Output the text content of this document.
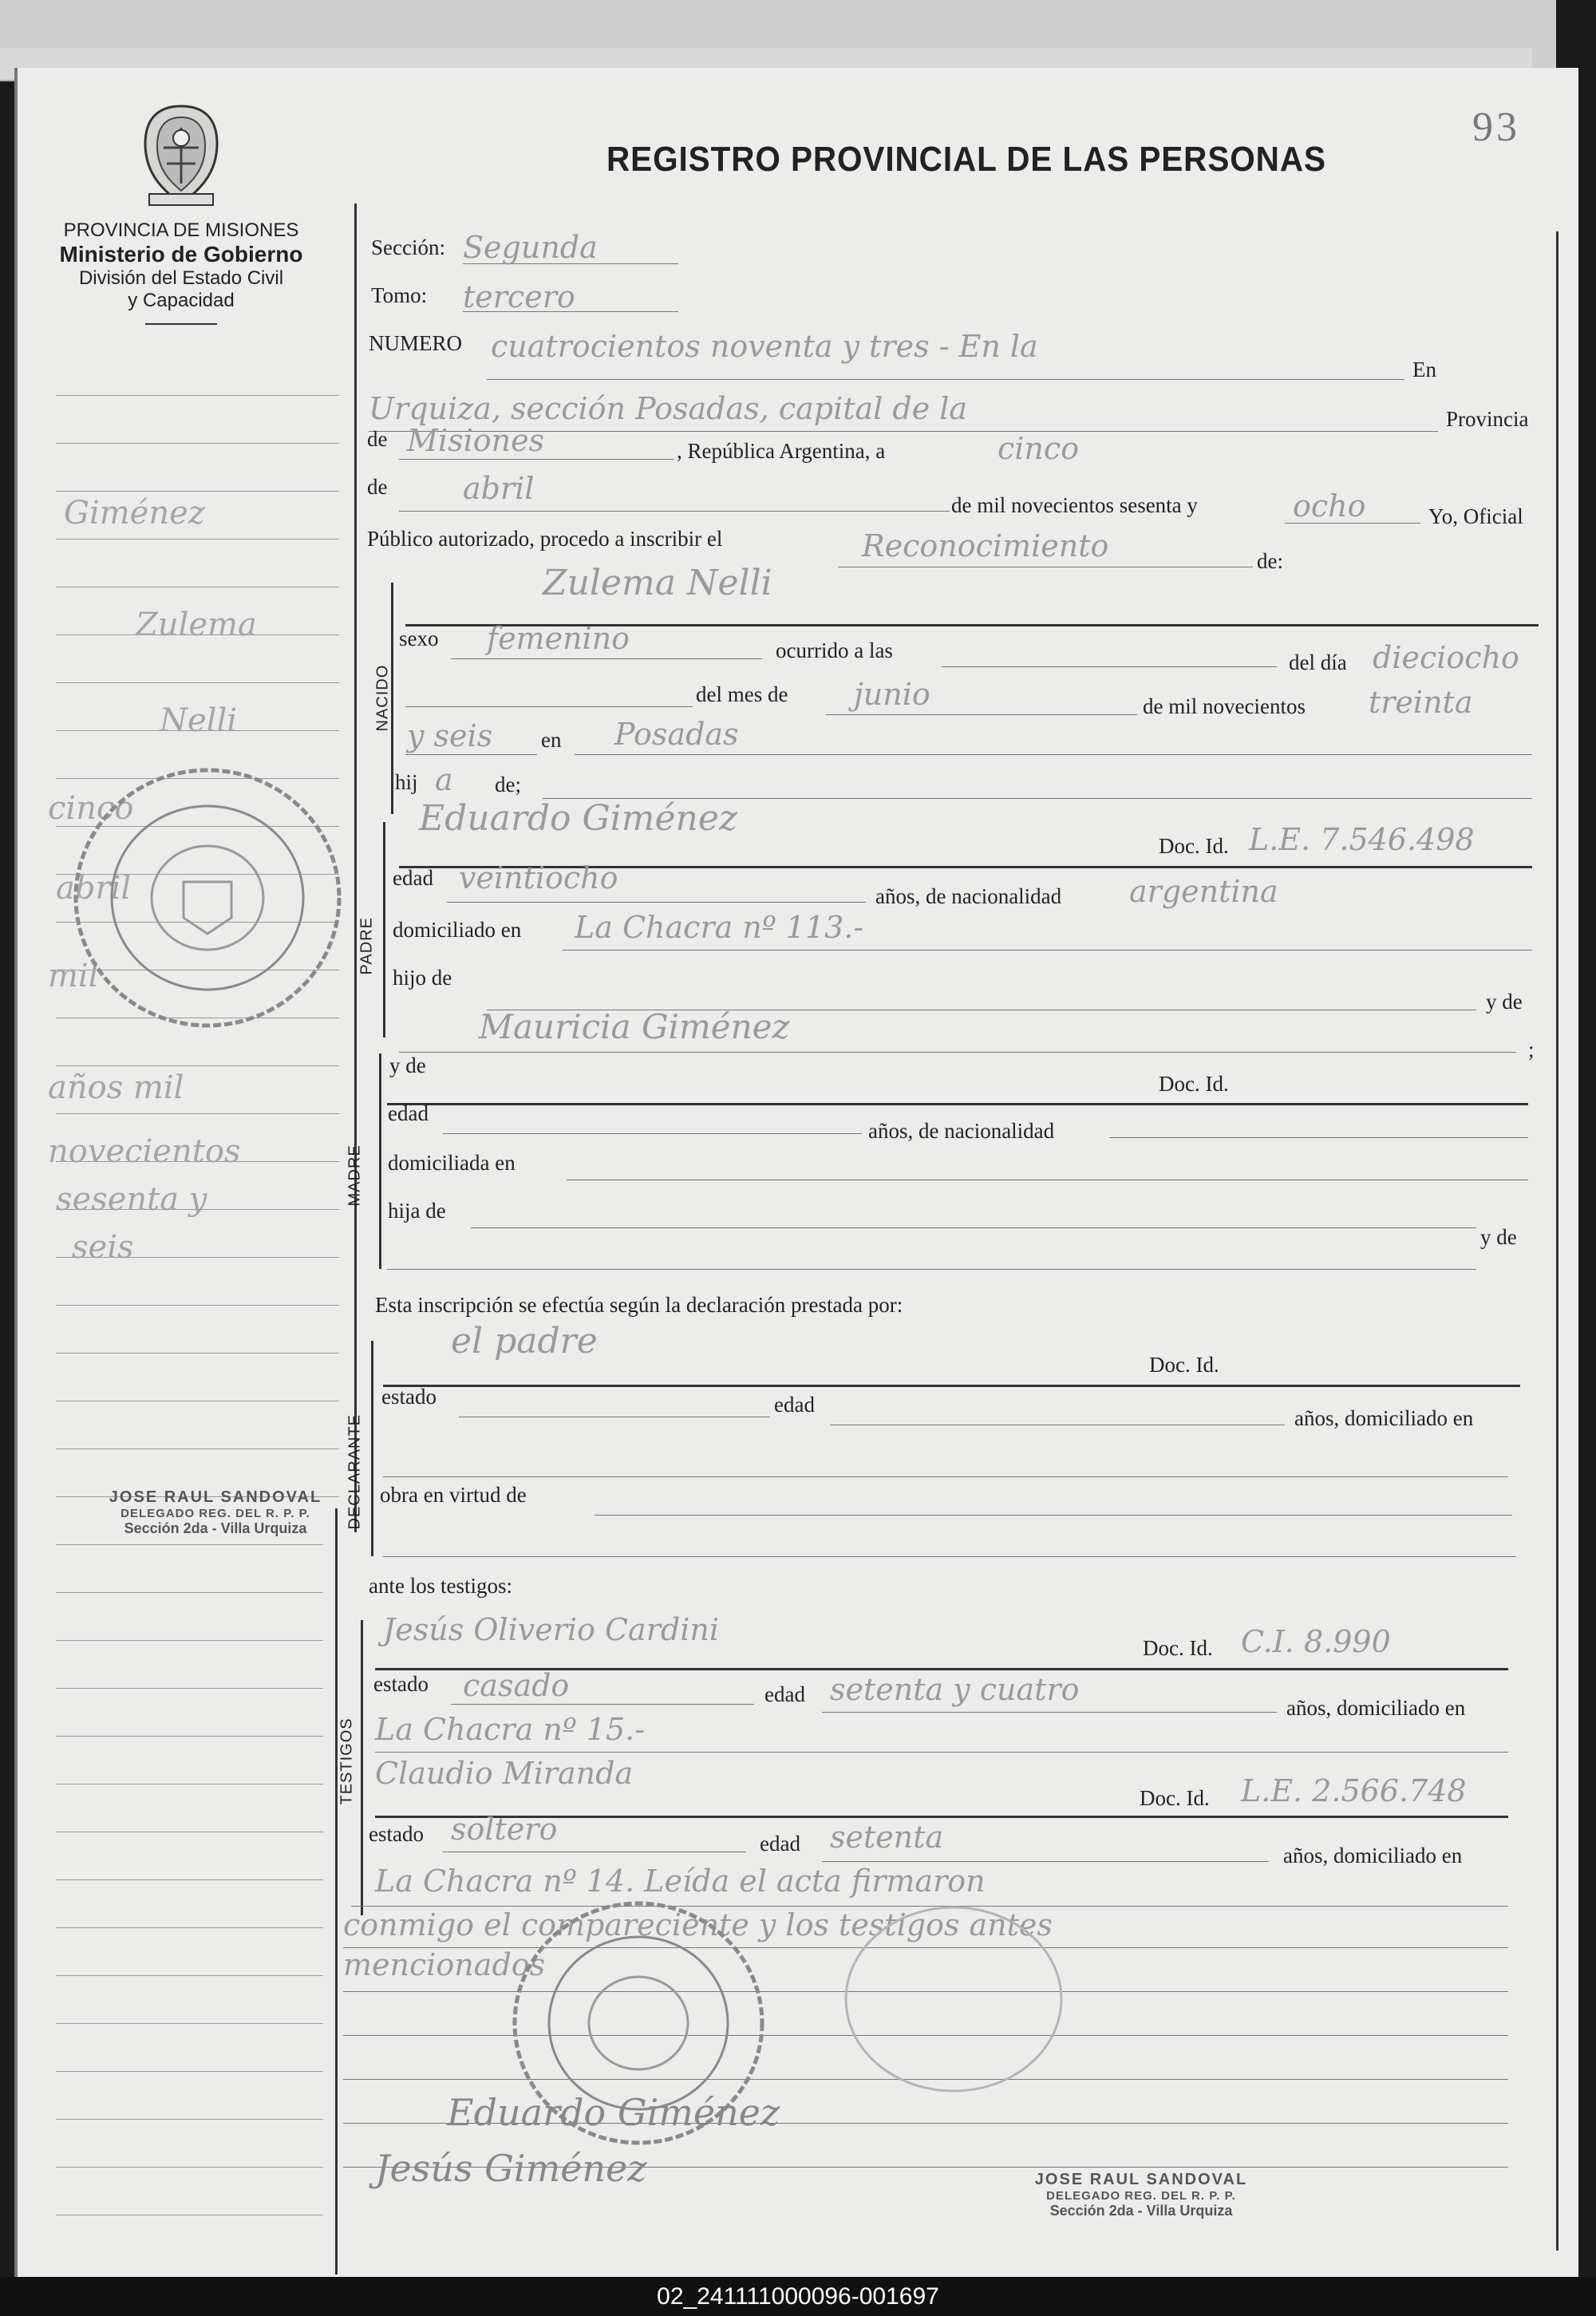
93
PROVINCIA DE MISIONES
Ministerio de Gobierno
División del Estado Civil
y Capacidad
REGISTRO PROVINCIAL DE LAS PERSONAS
Sección: Segunda
Tomo: tercero
NUMERO cuatrocientos noventa y tres - En la
En
Urquiza, sección Posadas, capital de la	Provincia
de Misiones	, República Argentina, a	cinco
de abril	de mil novecientos sesenta y	ocho	Yo, Oficial
Público autorizado, procedo a inscribir el	Reconocimiento	de:
NACIDO
Zulema Nelli
sexo femenino	ocurrido a las	del día dieciocho
del mes de junio	de mil novecientos treinta
y seis en Posadas
hij a de;
PADRE
Eduardo Giménez
Doc. Id. L.E. 7.546.498
edad veintiocho
años, de nacionalidad argentina
domiciliado en La Chacra nº 113.-
hijo de
y de
Mauricia Giménez
;
MADRE
y de
Doc. Id.
edad
años, de nacionalidad
domiciliada en
hija de
y de
Esta inscripción se efectúa según la declaración prestada por:
DECLARANTE
el padre
Doc. Id.
estado	edad
años, domiciliado en
obra en virtud de
ante los testigos:
TESTIGOS
Jesús Oliverio Cardini
Doc. Id. C.I. 8.990
estado casado	edad setenta y cuatro
años, domiciliado en
La Chacra nº 15.-
Claudio Miranda
Doc. Id. L.E. 2.566.748
estado soltero	edad setenta
años, domiciliado en
La Chacra nº 14. Leída el acta firmaron
conmigo el compareciente y los testigos antes
mencionados
Eduardo Giménez
Jesús Giménez
Giménez
Zulema
Nelli
cinco
abril
mil
años mil
novecientos
sesenta y
seis
JOSE RAUL SANDOVAL
DELEGADO REG. DEL R. P. P.
Sección 2da - Villa Urquiza
JOSE RAUL SANDOVAL
DELEGADO REG. DEL R. P. P.
Sección 2da - Villa Urquiza
02_241111000096-001697
